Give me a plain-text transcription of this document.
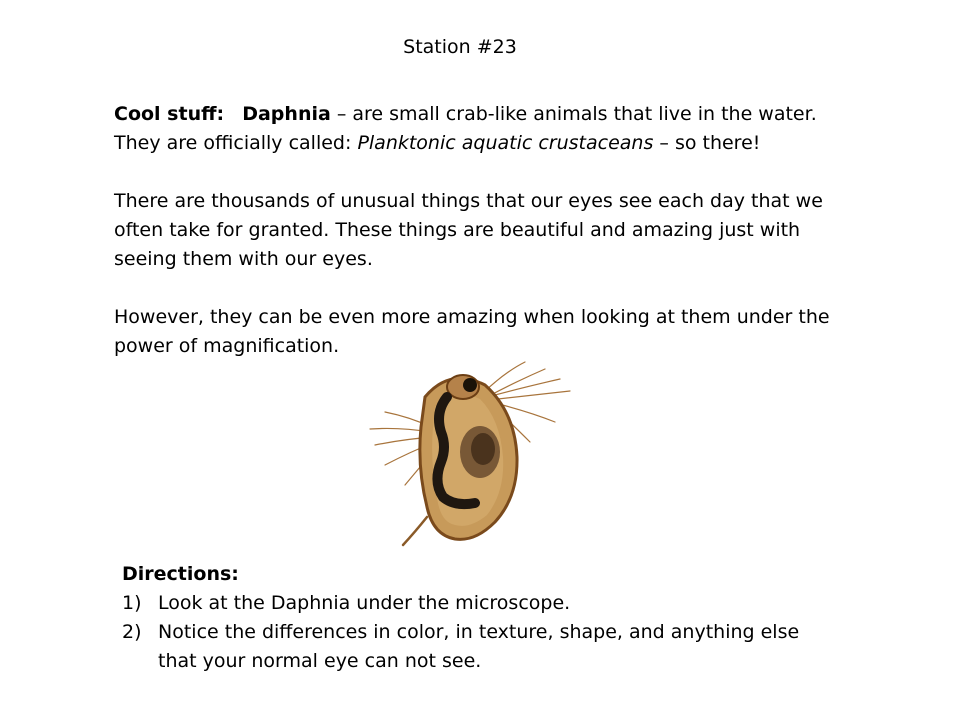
Station #23

Cool stuff: Daphnia – are small crab-like animals that live in the water.
They are officially called: Planktonic aquatic crustaceans – so there!

There are thousands of unusual things that our eyes see each day that we often take for granted. These things are beautiful and amazing just with seeing them with our eyes.

However, they can be even more amazing when looking at them under the power of magnification.

Directions:
1) Look at the Daphnia under the microscope.
2) Notice the differences in color, in texture, shape, and anything else that your normal eye can not see.
